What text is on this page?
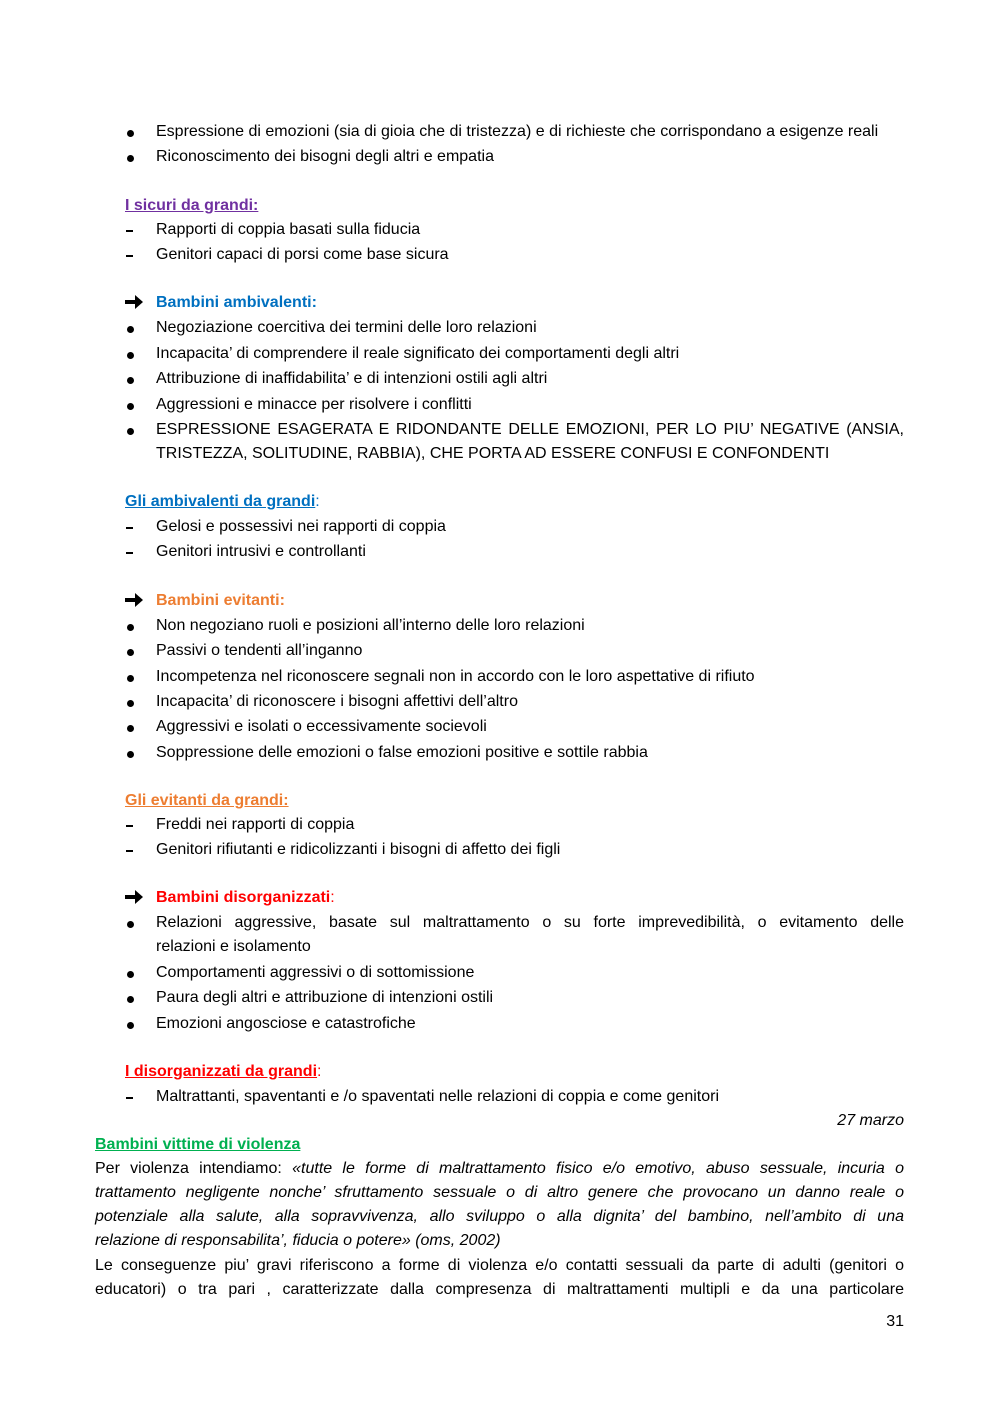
Espressione di emozioni (sia di gioia che di tristezza) e di richieste che corrispondano a esigenze reali
Riconoscimento dei bisogni degli altri e empatia
I sicuri da grandi:
Rapporti di coppia basati sulla fiducia
Genitori capaci di porsi come base sicura
Bambini ambivalenti:
Negoziazione coercitiva dei termini delle loro relazioni
Incapacita’ di comprendere il reale significato dei comportamenti degli altri
Attribuzione di inaffidabilita’ e di intenzioni ostili agli altri
Aggressioni e minacce per risolvere i conflitti
ESPRESSIONE ESAGERATA E RIDONDANTE DELLE EMOZIONI, PER LO PIU’ NEGATIVE (ANSIA,
TRISTEZZA, SOLITUDINE, RABBIA), CHE PORTA AD ESSERE CONFUSI E CONFONDENTI
Gli ambivalenti da grandi:
Gelosi e possessivi nei rapporti di coppia
Genitori intrusivi e controllanti
Bambini evitanti:
Non negoziano ruoli e posizioni all’interno delle loro relazioni
Passivi o tendenti all’inganno
Incompetenza nel riconoscere segnali non in accordo con le loro aspettative di rifiuto
Incapacita’ di riconoscere i bisogni affettivi dell’altro
Aggressivi e isolati o eccessivamente socievoli
Soppressione delle emozioni o false emozioni positive e sottile rabbia
Gli evitanti da grandi:
Freddi nei rapporti di coppia
Genitori rifiutanti e ridicolizzanti i bisogni di affetto dei figli
Bambini disorganizzati:
Relazioni aggressive, basate sul maltrattamento o su forte imprevedibilità, o evitamento delle
relazioni e isolamento
Comportamenti aggressivi o di sottomissione
Paura degli altri e attribuzione di intenzioni ostili
Emozioni angosciose e catastrofiche
I disorganizzati da grandi:
Maltrattanti, spaventanti e /o spaventati nelle relazioni di coppia e come genitori
27 marzo
Bambini vittime di violenza
Per violenza intendiamo: «tutte le forme di maltrattamento fisico e/o emotivo, abuso sessuale, incuria o
trattamento negligente nonche’ sfruttamento sessuale o di altro genere che provocano un danno reale o
potenziale alla salute, alla sopravvivenza, allo sviluppo o alla dignita’ del bambino, nell’ambito di una
relazione di responsabilita’, fiducia o potere» (oms, 2002)
Le conseguenze piu’ gravi riferiscono a forme di violenza e/o contatti sessuali da parte di adulti (genitori o
educatori) o tra pari , caratterizzate dalla compresenza di maltrattamenti multipli e da una particolare
31
